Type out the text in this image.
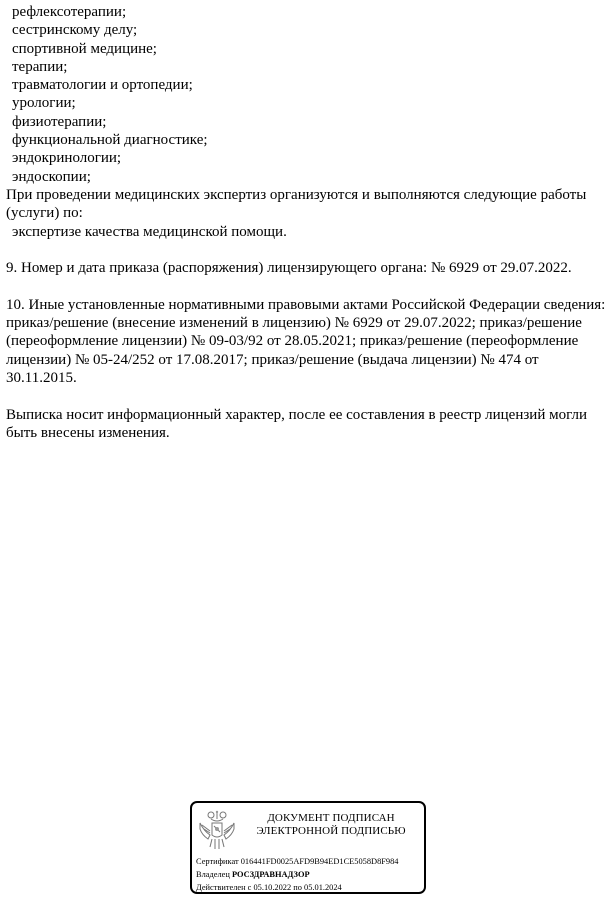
рефлексотерапии;
сестринскому делу;
спортивной медицине;
терапии;
травматологии и ортопедии;
урологии;
физиотерапии;
функциональной диагностике;
эндокринологии;
эндоскопии;

При проведении медицинских экспертиз организуются и выполняются следующие работы (услуги) по:

экспертизе качества медицинской помощи.

9. Номер и дата приказа (распоряжения) лицензирующего органа: № 6929 от 29.07.2022.

10. Иные установленные нормативными правовыми актами Российской Федерации сведения: приказ/решение (внесение изменений в лицензию) № 6929 от 29.07.2022; приказ/решение (переоформление лицензии) № 09-03/92 от 28.05.2021; приказ/решение (переоформление лицензии) № 05-24/252 от 17.08.2017; приказ/решение (выдача лицензии) № 474 от 30.11.2015.

Выписка носит информационный характер, после ее составления в реестр лицензий могли быть внесены изменения.

ДОКУМЕНТ ПОДПИСАН
ЭЛЕКТРОННОЙ ПОДПИСЬЮ
Сертификат 016441FD0025AFD9B94ED1CE5058D8F984
Владелец РОСЗДРАВНАДЗОР
Действителен с 05.10.2022 по 05.01.2024
